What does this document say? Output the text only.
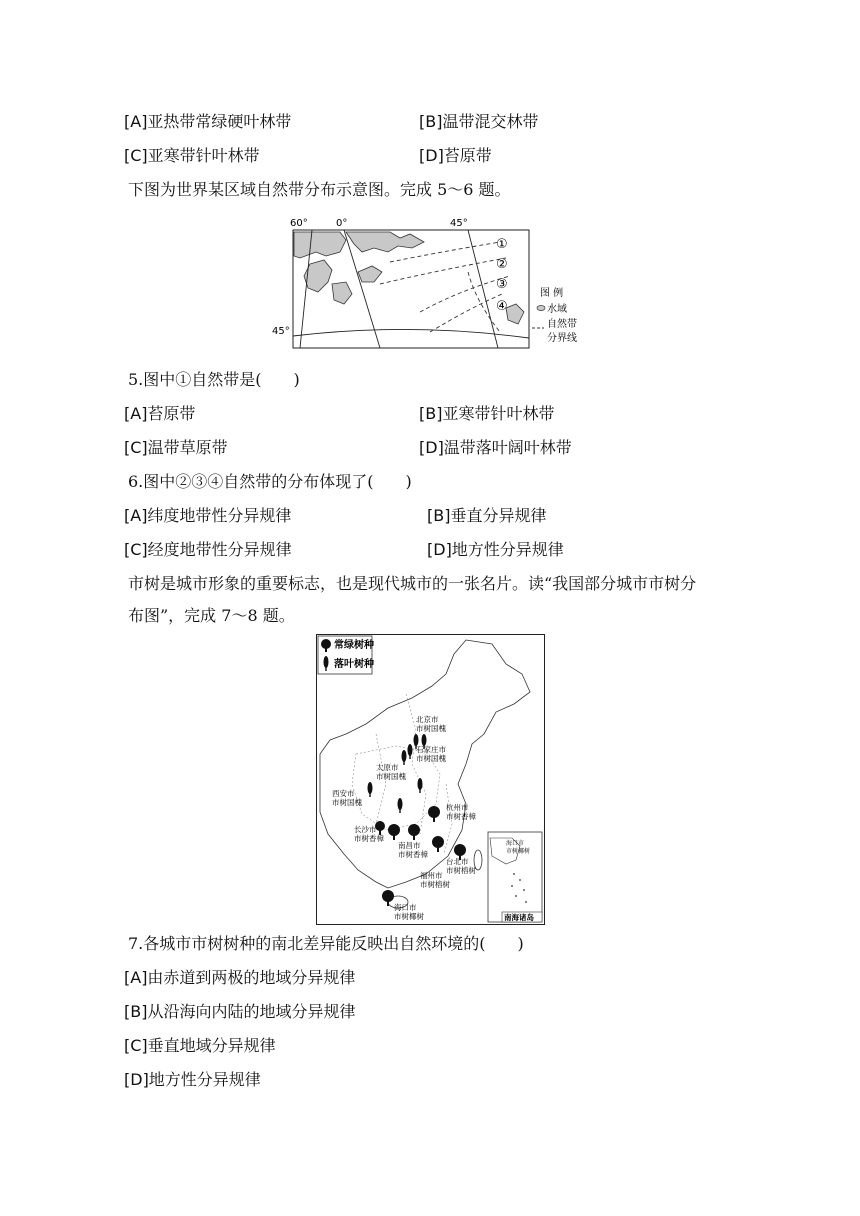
[A]亚热带常绿硬叶林带	[B]温带混交林带
[C]亚寒带针叶林带	[D]苔原带
下图为世界某区域自然带分布示意图。完成 5～6 题。
60°	0°	45°
45°
①
②
③
④
图 例
水域
自然带
分界线
5.图中①自然带是(　　)
[A]苔原带	[B]亚寒带针叶林带
[C]温带草原带	[D]温带落叶阔叶林带
6.图中②③④自然带的分布体现了(　　)
[A]纬度地带性分异规律	[B]垂直分异规律
[C]经度地带性分异规律	[D]地方性分异规律
市树是城市形象的重要标志，也是现代城市的一张名片。读“我国部分城市市树分
布图”，完成 7～8 题。
常绿树种
落叶树种
北京市
市树国槐
石家庄市
市树国槐
太原市
市树国槐
西安市
市树国槐
杭州市
市树香樟
长沙市
市树香樟
南昌市
市树香樟
台北市
市树榕树
福州市
市树榕树
海口市
市树椰树
海口市
市树椰树
南海诸岛
7.各城市市树树种的南北差异能反映出自然环境的(　　)
[A]由赤道到两极的地域分异规律
[B]从沿海向内陆的地域分异规律
[C]垂直地域分异规律
[D]地方性分异规律
